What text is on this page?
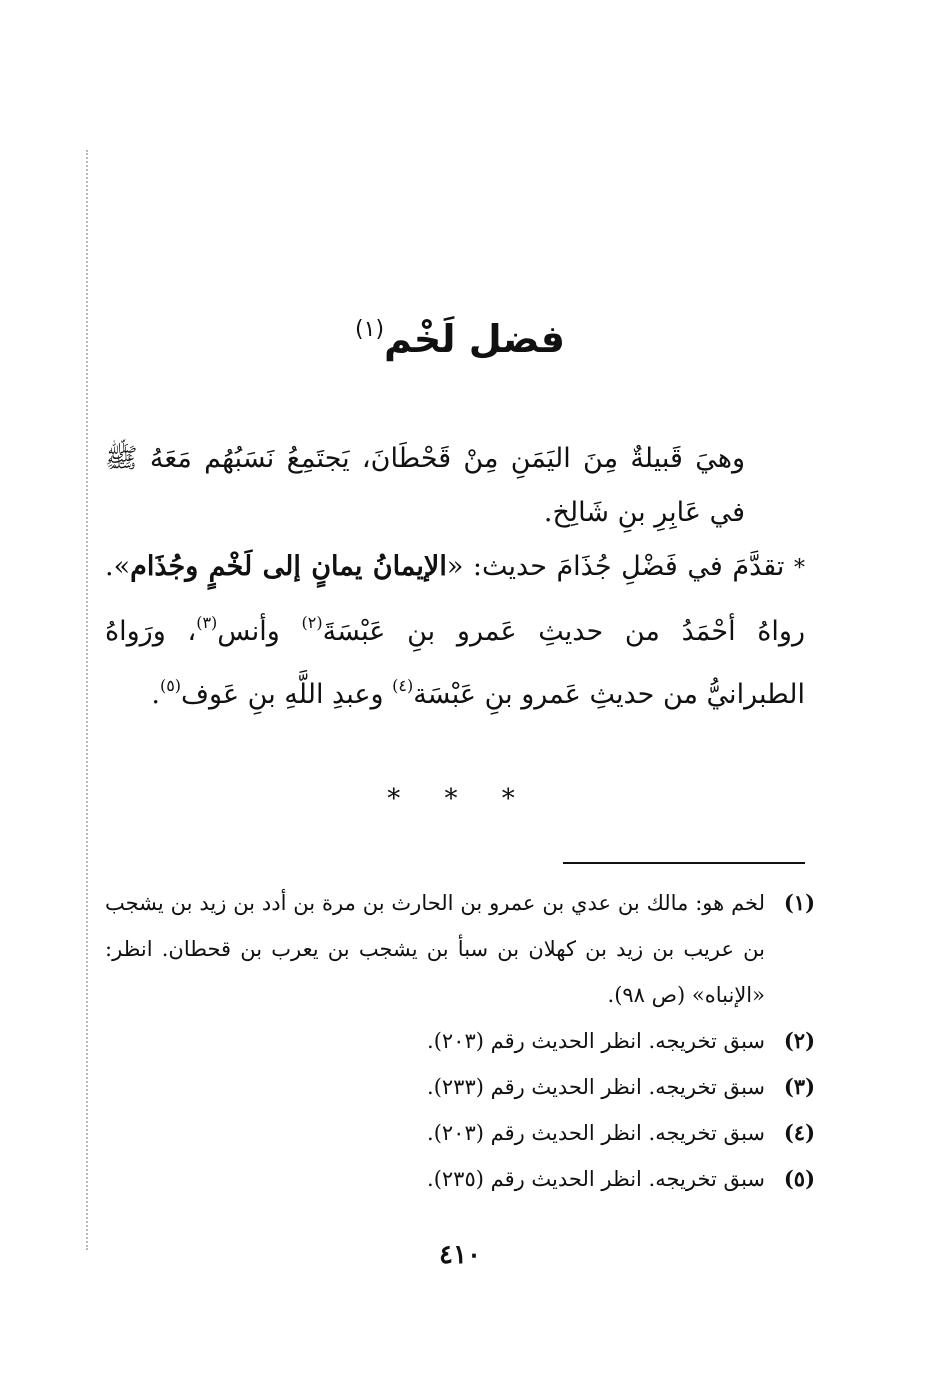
فضل لَخْم$^{(١)}$

وهيَ قَبيلةٌ مِنَ اليَمَنِ مِنْ قَحْطَانَ، يَجتَمِعُ نَسَبُهُم مَعَهُ ﷺ في عَابِرِ بنِ شَالِخ.

* تقدَّمَ في فَضْلِ جُذَامَ حديث: «الإيمانُ يمانٍ إلى لَخْمٍ وجُذَام». رواهُ أحْمَدُ من حديثِ عَمرو بنِ عَبْسَةَ$^{(٢)}$ وأنس$^{(٣)}$، ورَواهُ الطبرانيُّ من حديثِ عَمرو بنِ عَبْسَة$^{(٤)}$ وعبدِ اللَّهِ بنِ عَوف$^{(٥)}$.

* * *

(١)
لخم هو: مالك بن عدي بن عمرو بن الحارث بن مرة بن أدد بن زيد بن يشجب بن عريب بن زيد بن كهلان بن سبأ بن يشجب بن يعرب بن قحطان. انظر: «الإنباه» (ص ٩٨).

(٢)
سبق تخريجه. انظر الحديث رقم (٢٠٣).

(٣)
سبق تخريجه. انظر الحديث رقم (٢٣٣).

(٤)
سبق تخريجه. انظر الحديث رقم (٢٠٣).

(٥)
سبق تخريجه. انظر الحديث رقم (٢٣٥).

٤١٠
